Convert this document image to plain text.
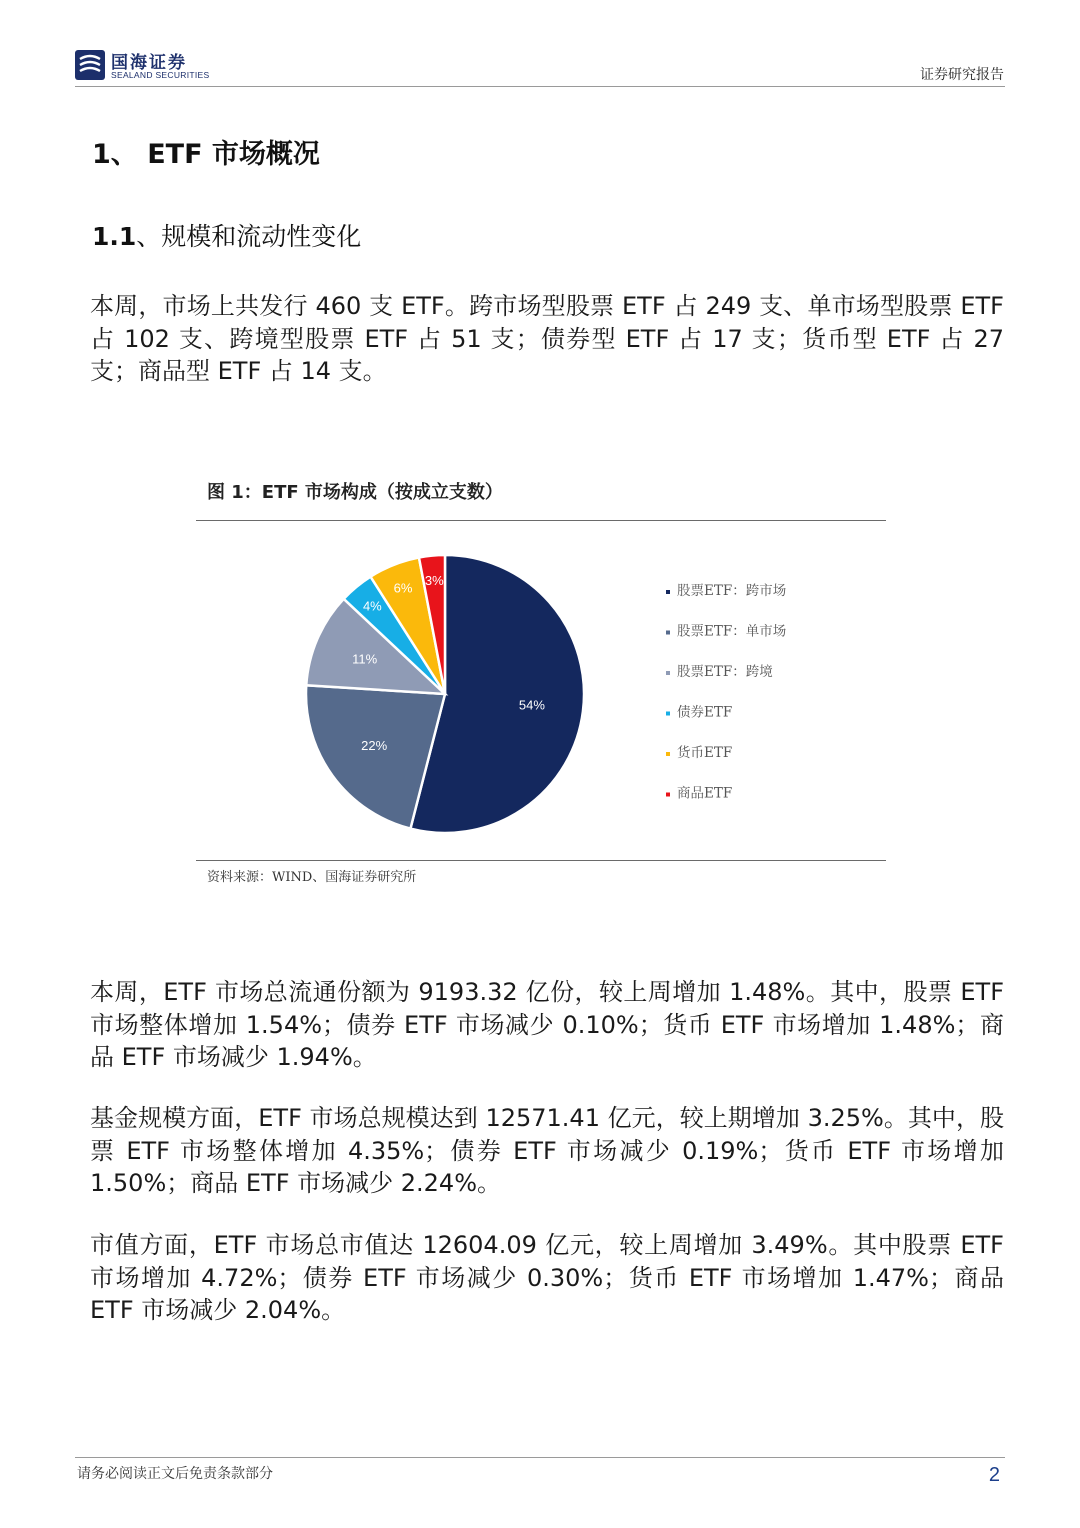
国海证券
SEALAND SECURITIES	证券研究报告
1、 ETF 市场概况
1.1、规模和流动性变化

本周，市场上共发行 460 支 ETF。跨市场型股票 ETF 占 249 支、单市场型股票 ETF 占 102 支、跨境型股票 ETF 占 51 支；债券型 ETF 占 17 支；货币型 ETF 占 27 支；商品型 ETF 占 14 支。

图 1：ETF 市场构成（按成立支数）
54%
22%
11%
4%
6% 3%
股票ETF：跨市场
股票ETF：单市场
股票ETF：跨境
债券ETF
货币ETF
商品ETF
资料来源：WIND、国海证券研究所

本周，ETF 市场总流通份额为 9193.32 亿份，较上周增加 1.48%。其中，股票 ETF 市场整体增加 1.54%；债券 ETF 市场减少 0.10%；货币 ETF 市场增加 1.48%；商品 ETF 市场减少 1.94%。

基金规模方面，ETF 市场总规模达到 12571.41 亿元，较上期增加 3.25%。其中，股票 ETF 市场整体增加 4.35%；债券 ETF 市场减少 0.19%；货币 ETF 市场增加 1.50%；商品 ETF 市场减少 2.24%。

市值方面，ETF 市场总市值达 12604.09 亿元，较上周增加 3.49%。其中股票 ETF 市场增加 4.72%；债券 ETF 市场减少 0.30%；货币 ETF 市场增加 1.47%；商品 ETF 市场减少 2.04%。

请务必阅读正文后免责条款部分	2
